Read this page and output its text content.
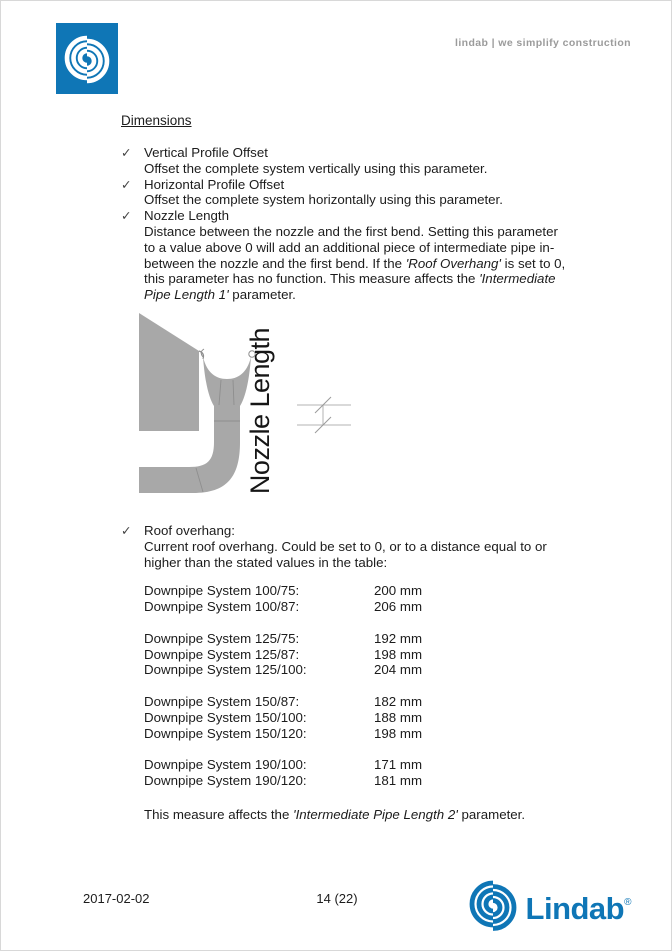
lindab | we simplify construction
Dimensions
✓ Vertical Profile Offset
Offset the complete system vertically using this parameter.
✓ Horizontal Profile Offset
Offset the complete system horizontally using this parameter.
✓ Nozzle Length
Distance between the nozzle and the first bend. Setting this parameter to a value above 0 will add an additional piece of intermediate pipe in-between the nozzle and the first bend. If the 'Roof Overhang' is set to 0, this parameter has no function. This measure affects the 'Intermediate Pipe Length 1' parameter.
Nozzle Length
✓ Roof overhang:
Current roof overhang. Could be set to 0, or to a distance equal to or higher than the stated values in the table:
Downpipe System 100/75:	200 mm
Downpipe System 100/87:	206 mm
Downpipe System 125/75:	192 mm
Downpipe System 125/87:	198 mm
Downpipe System 125/100:	204 mm
Downpipe System 150/87:	182 mm
Downpipe System 150/100:	188 mm
Downpipe System 150/120:	198 mm
Downpipe System 190/100:	171 mm
Downpipe System 190/120:	181 mm
This measure affects the 'Intermediate Pipe Length 2' parameter.
2017-02-02	14 (22)	Lindab®
